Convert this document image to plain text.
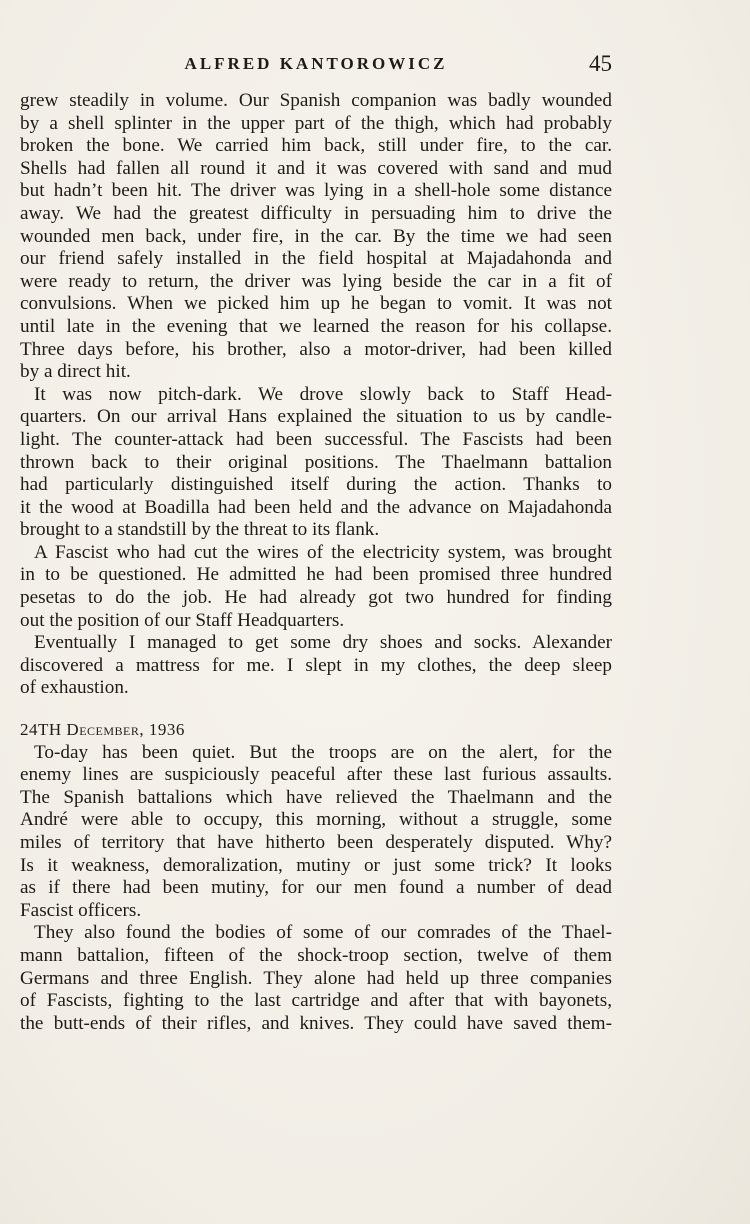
ALFRED KANTOROWICZ	45
grew steadily in volume. Our Spanish companion was badly wounded
by a shell splinter in the upper part of the thigh, which had probably
broken the bone. We carried him back, still under fire, to the car.
Shells had fallen all round it and it was covered with sand and mud
but hadn’t been hit. The driver was lying in a shell-hole some distance
away. We had the greatest difficulty in persuading him to drive the
wounded men back, under fire, in the car. By the time we had seen
our friend safely installed in the field hospital at Majadahonda and
were ready to return, the driver was lying beside the car in a fit of
convulsions. When we picked him up he began to vomit. It was not
until late in the evening that we learned the reason for his collapse.
Three days before, his brother, also a motor-driver, had been killed
by a direct hit.
It was now pitch-dark. We drove slowly back to Staff Head-
quarters. On our arrival Hans explained the situation to us by candle-
light. The counter-attack had been successful. The Fascists had been
thrown back to their original positions. The Thaelmann battalion
had particularly distinguished itself during the action. Thanks to
it the wood at Boadilla had been held and the advance on Majadahonda
brought to a standstill by the threat to its flank.
A Fascist who had cut the wires of the electricity system, was brought
in to be questioned. He admitted he had been promised three hundred
pesetas to do the job. He had already got two hundred for finding
out the position of our Staff Headquarters.
Eventually I managed to get some dry shoes and socks. Alexander
discovered a mattress for me. I slept in my clothes, the deep sleep
of exhaustion.
24TH December, 1936
To-day has been quiet. But the troops are on the alert, for the
enemy lines are suspiciously peaceful after these last furious assaults.
The Spanish battalions which have relieved the Thaelmann and the
André were able to occupy, this morning, without a struggle, some
miles of territory that have hitherto been desperately disputed. Why?
Is it weakness, demoralization, mutiny or just some trick? It looks
as if there had been mutiny, for our men found a number of dead
Fascist officers.
They also found the bodies of some of our comrades of the Thael-
mann battalion, fifteen of the shock-troop section, twelve of them
Germans and three English. They alone had held up three companies
of Fascists, fighting to the last cartridge and after that with bayonets,
the butt-ends of their rifles, and knives. They could have saved them-
